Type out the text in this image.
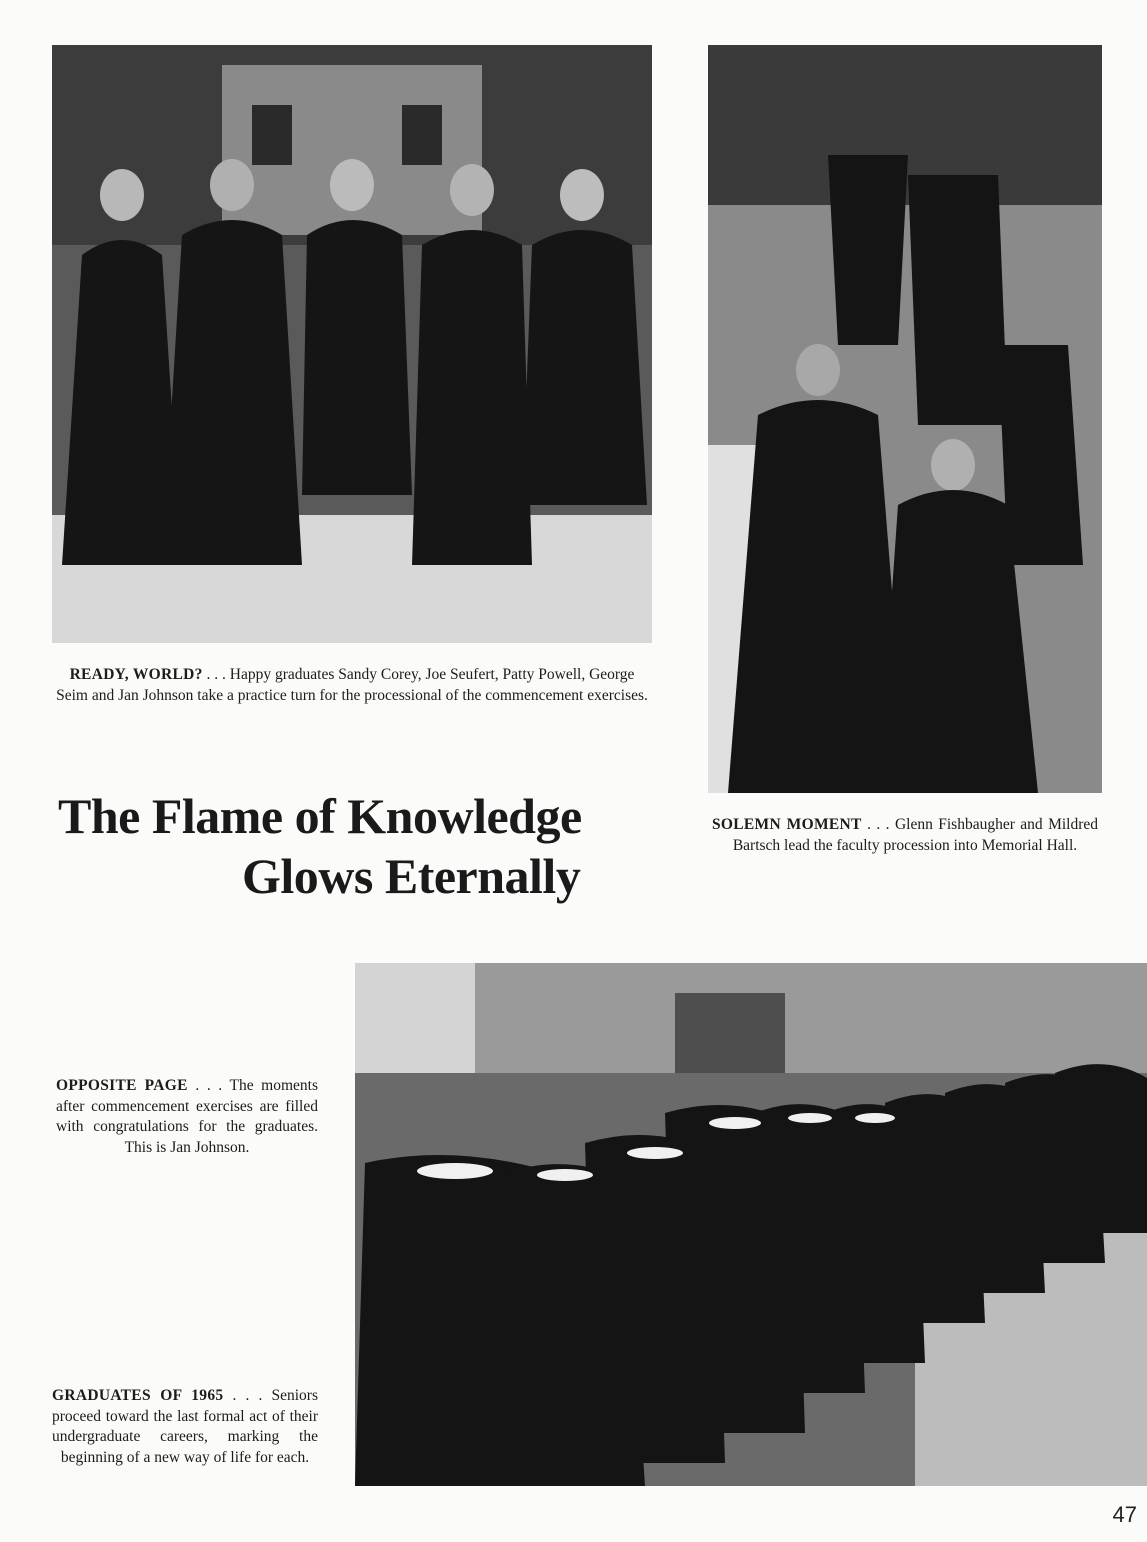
READY, WORLD? . . . Happy graduates Sandy Corey, Joe Seufert, Patty Powell, George Seim and Jan Johnson take a practice turn for the processional of the commencement exercises.
The Flame of Knowledge
Glows Eternally
SOLEMN MOMENT . . . Glenn Fishbaugher and Mildred Bartsch lead the faculty procession into Memorial Hall.
OPPOSITE PAGE . . . The moments after commencement exercises are filled with congratulations for the graduates. This is Jan Johnson.
GRADUATES OF 1965 . . . Seniors proceed toward the last formal act of their undergraduate careers, marking the beginning of a new way of life for each.
47
